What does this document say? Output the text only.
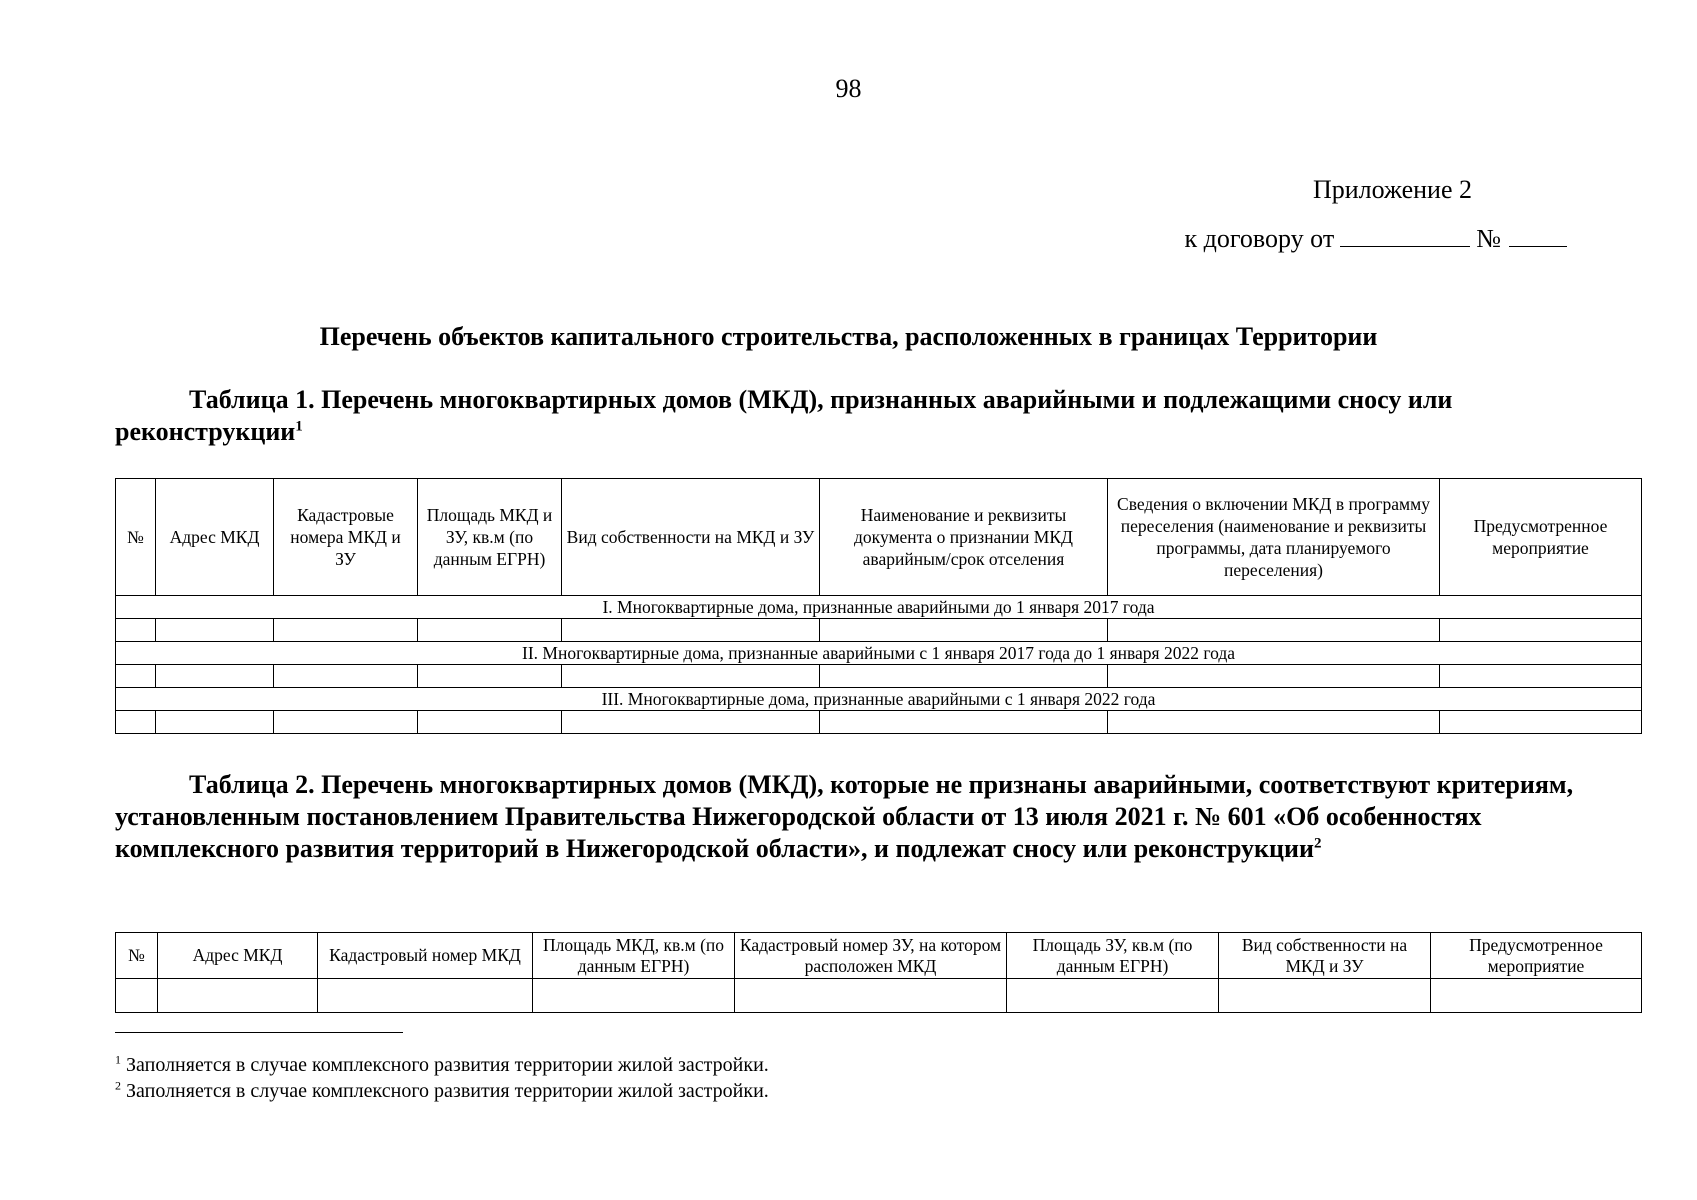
98
Приложение 2
к договору от	№
Перечень объектов капитального строительства, расположенных в границах Территории
Таблица 1. Перечень многоквартирных домов (МКД), признанных аварийными и подлежащими сносу или реконструкции$^1$
№	Адрес МКД	Кадастровые номера МКД и ЗУ	Площадь МКД и ЗУ, кв.м (по данным ЕГРН)	Вид собственности на МКД и ЗУ	Наименование и реквизиты документа о признании МКД аварийным/срок отселения	Сведения о включении МКД в программу переселения (наименование и реквизиты программы, дата планируемого переселения)	Предусмотренное мероприятие
I. Многоквартирные дома, признанные аварийными до 1 января 2017 года							

II. Многоквартирные дома, признанные аварийными с 1 января 2017 года до 1 января 2022 года							

III. Многоквартирные дома, признанные аварийными с 1 января 2022 года							

Таблица 2. Перечень многоквартирных домов (МКД), которые не признаны аварийными, соответствуют критериям, установленным постановлением Правительства Нижегородской области от 13 июля 2021 г. № 601 «Об особенностях комплексного развития территорий в Нижегородской области», и подлежат сносу или реконструкции$^2$
№	Адрес МКД	Кадастровый номер МКД	Площадь МКД, кв.м (по данным ЕГРН)	Кадастровый номер ЗУ, на котором расположен МКД	Площадь ЗУ, кв.м (по данным ЕГРН)	Вид собственности на МКД и ЗУ	Предусмотренное мероприятие

$^1$ Заполняется в случае комплексного развития территории жилой застройки.
$^2$ Заполняется в случае комплексного развития территории жилой застройки.
